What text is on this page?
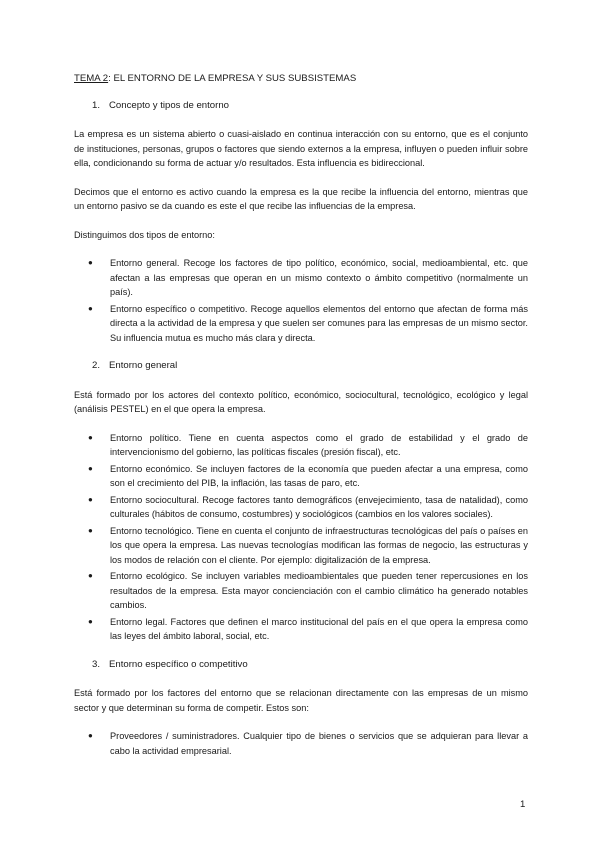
TEMA 2: EL ENTORNO DE LA EMPRESA Y SUS SUBSISTEMAS
1. Concepto y tipos de entorno

La empresa es un sistema abierto o cuasi-aislado en continua interacción con su entorno, que es el conjunto de instituciones, personas, grupos o factores que siendo externos a la empresa, influyen o pueden influir sobre ella, condicionando su forma de actuar y/o resultados. Esta influencia es bidireccional.

Decimos que el entorno es activo cuando la empresa es la que recibe la influencia del entorno, mientras que un entorno pasivo se da cuando es este el que recibe las influencias de la empresa.

Distinguimos dos tipos de entorno:

● Entorno general. Recoge los factores de tipo político, económico, social, medioambiental, etc. que afectan a las empresas que operan en un mismo contexto o ámbito competitivo (normalmente un país).
● Entorno específico o competitivo. Recoge aquellos elementos del entorno que afectan de forma más directa a la actividad de la empresa y que suelen ser comunes para las empresas de un mismo sector. Su influencia mutua es mucho más clara y directa.
2. Entorno general

Está formado por los actores del contexto político, económico, sociocultural, tecnológico, ecológico y legal (análisis PESTEL) en el que opera la empresa.

● Entorno político. Tiene en cuenta aspectos como el grado de estabilidad y el grado de intervencionismo del gobierno, las políticas fiscales (presión fiscal), etc.
● Entorno económico. Se incluyen factores de la economía que pueden afectar a una empresa, como son el crecimiento del PIB, la inflación, las tasas de paro, etc.
● Entorno sociocultural. Recoge factores tanto demográficos (envejecimiento, tasa de natalidad), como culturales (hábitos de consumo, costumbres) y sociológicos (cambios en los valores sociales).
● Entorno tecnológico. Tiene en cuenta el conjunto de infraestructuras tecnológicas del país o países en los que opera la empresa. Las nuevas tecnologías modifican las formas de negocio, las estructuras y los modos de relación con el cliente. Por ejemplo: digitalización de la empresa.
● Entorno ecológico. Se incluyen variables medioambientales que pueden tener repercusiones en los resultados de la empresa. Esta mayor concienciación con el cambio climático ha generado notables cambios.
● Entorno legal. Factores que definen el marco institucional del país en el que opera la empresa como las leyes del ámbito laboral, social, etc.
3. Entorno específico o competitivo

Está formado por los factores del entorno que se relacionan directamente con las empresas de un mismo sector y que determinan su forma de competir. Estos son:

● Proveedores / suministradores. Cualquier tipo de bienes o servicios que se adquieran para llevar a cabo la actividad empresarial.
1
